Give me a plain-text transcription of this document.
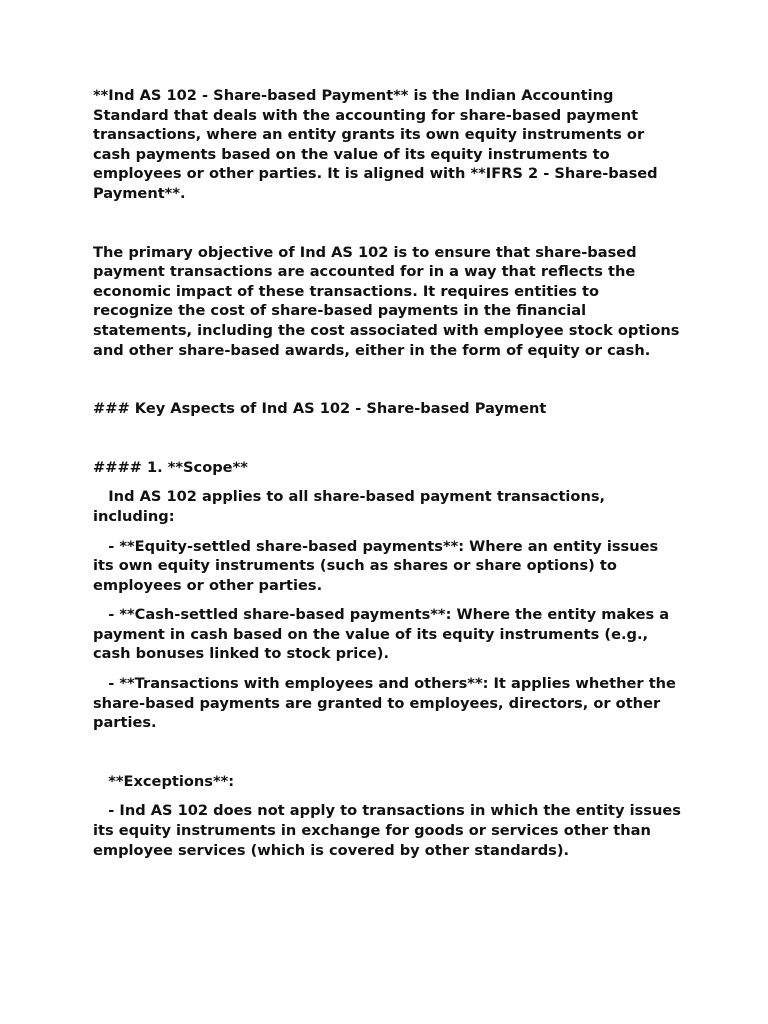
**Ind AS 102 - Share-based Payment** is the Indian Accounting Standard that deals with the accounting for share-based payment transactions, where an entity grants its own equity instruments or cash payments based on the value of its equity instruments to employees or other parties. It is aligned with **IFRS 2 - Share-based Payment**.

The primary objective of Ind AS 102 is to ensure that share-based payment transactions are accounted for in a way that reflects the economic impact of these transactions. It requires entities to recognize the cost of share-based payments in the financial statements, including the cost associated with employee stock options and other share-based awards, either in the form of equity or cash.

### Key Aspects of Ind AS 102 - Share-based Payment

#### 1. **Scope**

Ind AS 102 applies to all share-based payment transactions, including:

- **Equity-settled share-based payments**: Where an entity issues its own equity instruments (such as shares or share options) to employees or other parties.

- **Cash-settled share-based payments**: Where the entity makes a payment in cash based on the value of its equity instruments (e.g., cash bonuses linked to stock price).

- **Transactions with employees and others**: It applies whether the share-based payments are granted to employees, directors, or other parties.

**Exceptions**:

- Ind AS 102 does not apply to transactions in which the entity issues its equity instruments in exchange for goods or services other than employee services (which is covered by other standards).
